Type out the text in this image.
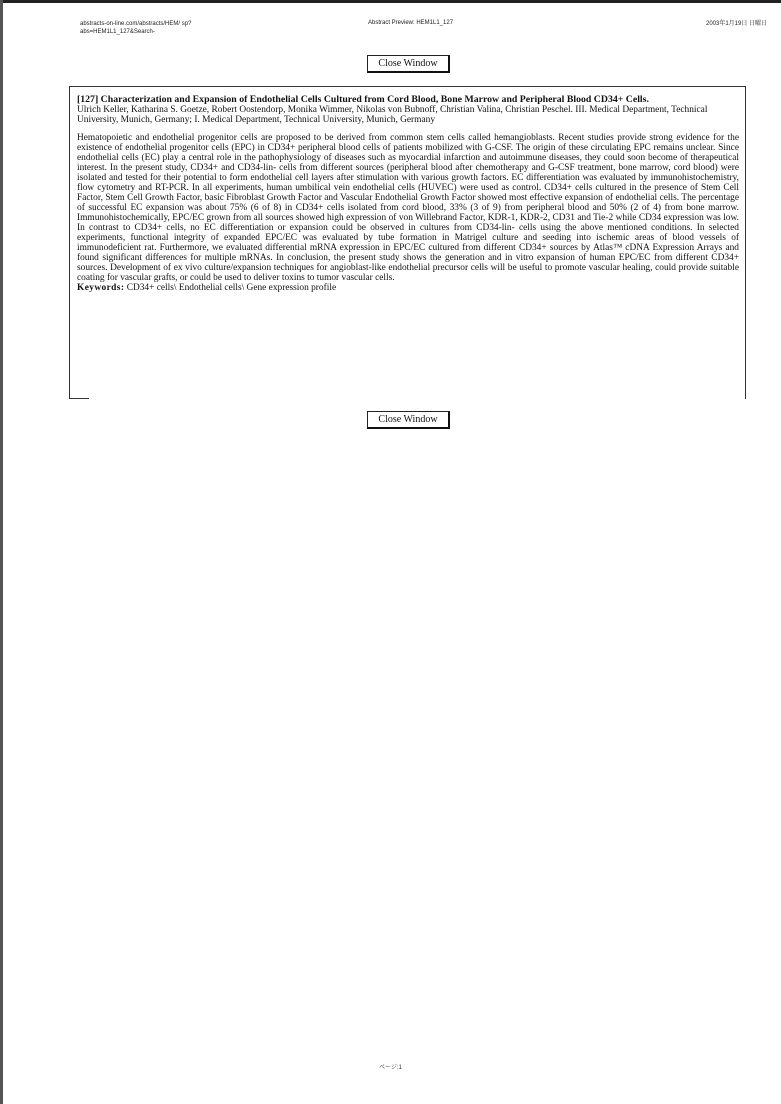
abstracts-on-line.com/abstracts/HEM/ sp?abs=HEM1L1_127&Search-
Abstract Preview: HEM1L1_127	2003年1月19日 日曜日
Close Window

[127] Characterization and Expansion of Endothelial Cells Cultured from Cord Blood, Bone Marrow and Peripheral Blood CD34+ Cells.

Ulrich Keller, Katharina S. Goetze, Robert Oostendorp, Monika Wimmer, Nikolas von Bubnoff, Christian Valina, Christian Peschel. III. Medical Department, Technical University, Munich, Germany; I. Medical Department, Technical University, Munich, Germany

Hematopoietic and endothelial progenitor cells are proposed to be derived from common stem cells called hemangioblasts. Recent studies provide strong evidence for the existence of endothelial progenitor cells (EPC) in CD34+ peripheral blood cells of patients mobilized with G-CSF. The origin of these circulating EPC remains unclear. Since endothelial cells (EC) play a central role in the pathophysiology of diseases such as myocardial infarction and autoimmune diseases, they could soon become of therapeutical interest. In the present study, CD34+ and CD34-lin- cells from different sources (peripheral blood after chemotherapy and G-CSF treatment, bone marrow, cord blood) were isolated and tested for their potential to form endothelial cell layers after stimulation with various growth factors. EC differentiation was evaluated by immunohistochemistry, flow cytometry and RT-PCR. In all experiments, human umbilical vein endothelial cells (HUVEC) were used as control. CD34+ cells cultured in the presence of Stem Cell Factor, Stem Cell Growth Factor, basic Fibroblast Growth Factor and Vascular Endothelial Growth Factor showed most effective expansion of endothelial cells. The percentage of successful EC expansion was about 75% (6 of 8) in CD34+ cells isolated from cord blood, 33% (3 of 9) from peripheral blood and 50% (2 of 4) from bone marrow. Immunohistochemically, EPC/EC grown from all sources showed high expression of von Willebrand Factor, KDR-1, KDR-2, CD31 and Tie-2 while CD34 expression was low. In contrast to CD34+ cells, no EC differentiation or expansion could be observed in cultures from CD34-lin- cells using the above mentioned conditions. In selected experiments, functional integrity of expanded EPC/EC was evaluated by tube formation in Matrigel culture and seeding into ischemic areas of blood vessels of immunodeficient rat. Furthermore, we evaluated differential mRNA expression in EPC/EC cultured from different CD34+ sources by Atlas™ cDNA Expression Arrays and found significant differences for multiple mRNAs. In conclusion, the present study shows the generation and in vitro expansion of human EPC/EC from different CD34+ sources. Development of ex vivo culture/expansion techniques for angioblast-like endothelial precursor cells will be useful to promote vascular healing, could provide suitable coating for vascular grafts, or could be used to deliver toxins to tumor vascular cells.
Keywords: CD34+ cells\ Endothelial cells\ Gene expression profile
Close Window
ページ:1
